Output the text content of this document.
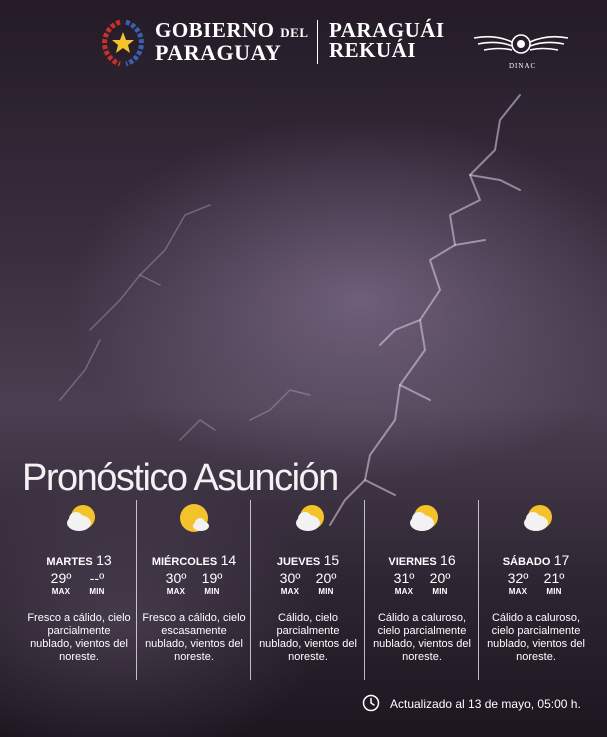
GOBIERNO DEL
PARAGUAY
PARAGUÁI
REKUÁI
DINAC
Pronóstico Asunción
MARTES 13
29º
MAX
--º
MIN
Fresco a cálido, cielo parcialmente nublado, vientos del noreste.
MIÉRCOLES 14
30º
MAX
19º
MIN
Fresco a cálido, cielo escasamente nublado, vientos del noreste.
JUEVES 15
30º
MAX
20º
MIN
Cálido, cielo parcialmente nublado, vientos del noreste.
VIERNES 16
31º
MAX
20º
MIN
Cálido a caluroso, cielo parcialmente nublado, vientos del noreste.
SÁBADO 17
32º
MAX
21º
MIN
Cálido a caluroso, cielo parcialmente nublado, vientos del noreste.
Actualizado al 13 de mayo, 05:00 h.
